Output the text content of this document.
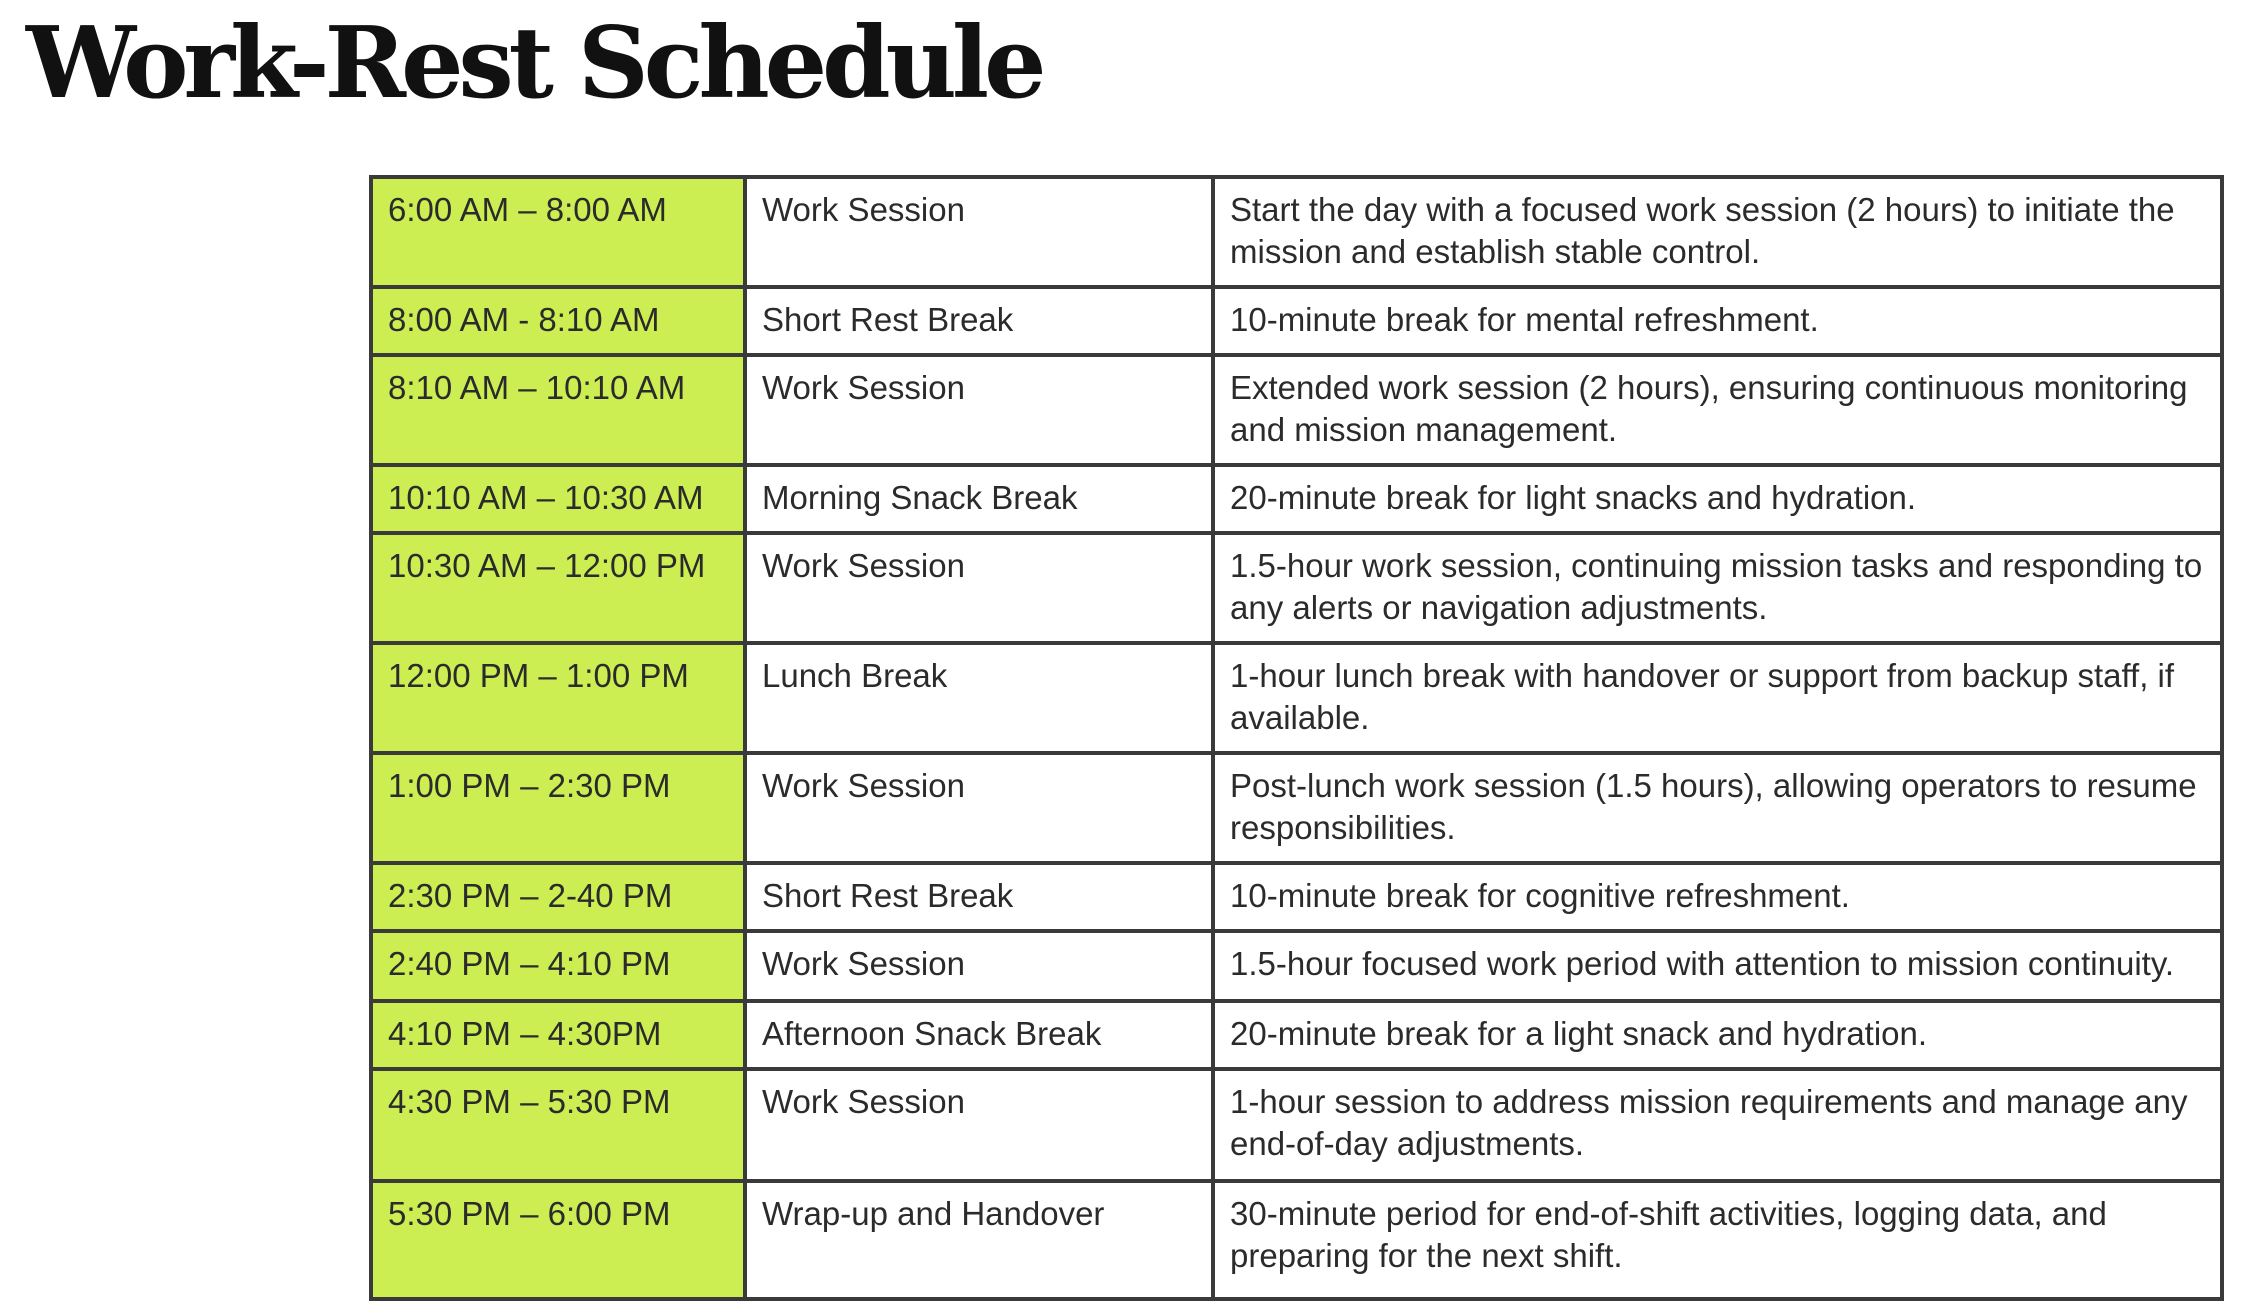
Work-Rest Schedule
6:00 AM – 8:00 AM	Work Session	Start the day with a focused work session (2 hours) to initiate the mission and establish stable control.
8:00 AM - 8:10 AM	Short Rest Break	10-minute break for mental refreshment.
8:10 AM – 10:10 AM	Work Session	Extended work session (2 hours), ensuring continuous monitoring and mission management.
10:10 AM – 10:30 AM	Morning Snack Break	20-minute break for light snacks and hydration.
10:30 AM – 12:00 PM	Work Session	1.5-hour work session, continuing mission tasks and responding to any alerts or navigation adjustments.
12:00 PM – 1:00 PM	Lunch Break	1-hour lunch break with handover or support from backup staff, if available.
1:00 PM – 2:30 PM	Work Session	Post-lunch work session (1.5 hours), allowing operators to resume responsibilities.
2:30 PM – 2-40 PM	Short Rest Break	10-minute break for cognitive refreshment.
2:40 PM – 4:10 PM	Work Session	1.5-hour focused work period with attention to mission continuity.
4:10 PM – 4:30PM	Afternoon Snack Break	20-minute break for a light snack and hydration.
4:30 PM – 5:30 PM	Work Session	1-hour session to address mission requirements and manage any end-of-day adjustments.
5:30 PM – 6:00 PM	Wrap-up and Handover	30-minute period for end-of-shift activities, logging data, and preparing for the next shift.
